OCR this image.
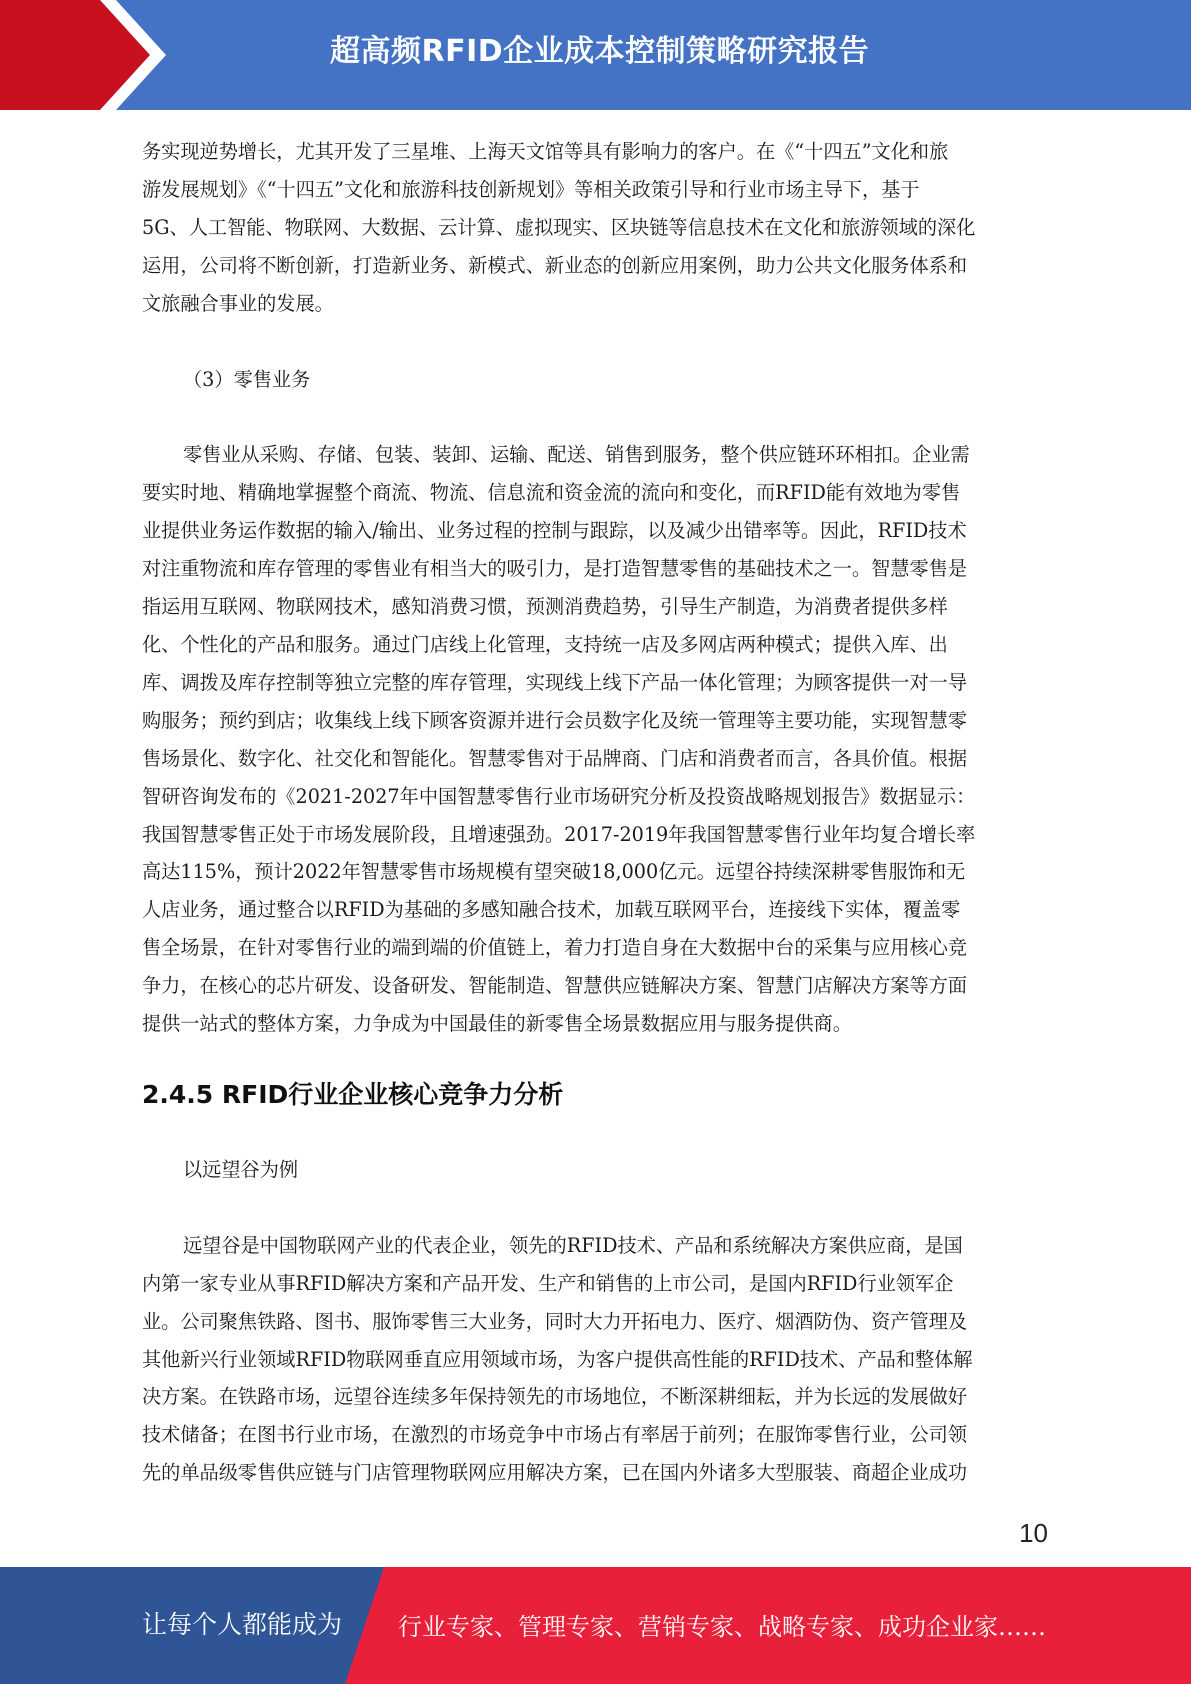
超高频RFID企业成本控制策略研究报告

务实现逆势增长，尤其开发了三星堆、上海天文馆等具有影响力的客户。在《“十四五”文化和旅

游发展规划》《“十四五”文化和旅游科技创新规划》等相关政策引导和行业市场主导下，基于

5G、人工智能、物联网、大数据、云计算、虚拟现实、区块链等信息技术在文化和旅游领域的深化

运用，公司将不断创新，打造新业务、新模式、新业态的创新应用案例，助力公共文化服务体系和

文旅融合事业的发展。

（3）零售业务

零售业从采购、存储、包装、装卸、运输、配送、销售到服务，整个供应链环环相扣。企业需

要实时地、精确地掌握整个商流、物流、信息流和资金流的流向和变化，而RFID能有效地为零售

业提供业务运作数据的输入/输出、业务过程的控制与跟踪，以及减少出错率等。因此，RFID技术

对注重物流和库存管理的零售业有相当大的吸引力，是打造智慧零售的基础技术之一。智慧零售是

指运用互联网、物联网技术，感知消费习惯，预测消费趋势，引导生产制造，为消费者提供多样

化、个性化的产品和服务。通过门店线上化管理，支持统一店及多网店两种模式；提供入库、出

库、调拨及库存控制等独立完整的库存管理，实现线上线下产品一体化管理；为顾客提供一对一导

购服务；预约到店；收集线上线下顾客资源并进行会员数字化及统一管理等主要功能，实现智慧零

售场景化、数字化、社交化和智能化。智慧零售对于品牌商、门店和消费者而言，各具价值。根据

智研咨询发布的《2021-2027年中国智慧零售行业市场研究分析及投资战略规划报告》数据显示：

我国智慧零售正处于市场发展阶段，且增速强劲。2017-2019年我国智慧零售行业年均复合增长率

高达115%，预计2022年智慧零售市场规模有望突破18,000亿元。远望谷持续深耕零售服饰和无

人店业务，通过整合以RFID为基础的多感知融合技术，加载互联网平台，连接线下实体，覆盖零

售全场景，在针对零售行业的端到端的价值链上，着力打造自身在大数据中台的采集与应用核心竞

争力，在核心的芯片研发、设备研发、智能制造、智慧供应链解决方案、智慧门店解决方案等方面

提供一站式的整体方案，力争成为中国最佳的新零售全场景数据应用与服务提供商。

2.4.5 RFID行业企业核心竞争力分析

以远望谷为例

远望谷是中国物联网产业的代表企业，领先的RFID技术、产品和系统解决方案供应商，是国

内第一家专业从事RFID解决方案和产品开发、生产和销售的上市公司，是国内RFID行业领军企

业。公司聚焦铁路、图书、服饰零售三大业务，同时大力开拓电力、医疗、烟酒防伪、资产管理及

其他新兴行业领域RFID物联网垂直应用领域市场，为客户提供高性能的RFID技术、产品和整体解

决方案。在铁路市场，远望谷连续多年保持领先的市场地位，不断深耕细耘，并为长远的发展做好

技术储备；在图书行业市场，在激烈的市场竞争中市场占有率居于前列；在服饰零售行业，公司领

先的单品级零售供应链与门店管理物联网应用解决方案，已在国内外诸多大型服装、商超企业成功

10
让每个人都能成为 行业专家、管理专家、营销专家、战略专家、成功企业家……
